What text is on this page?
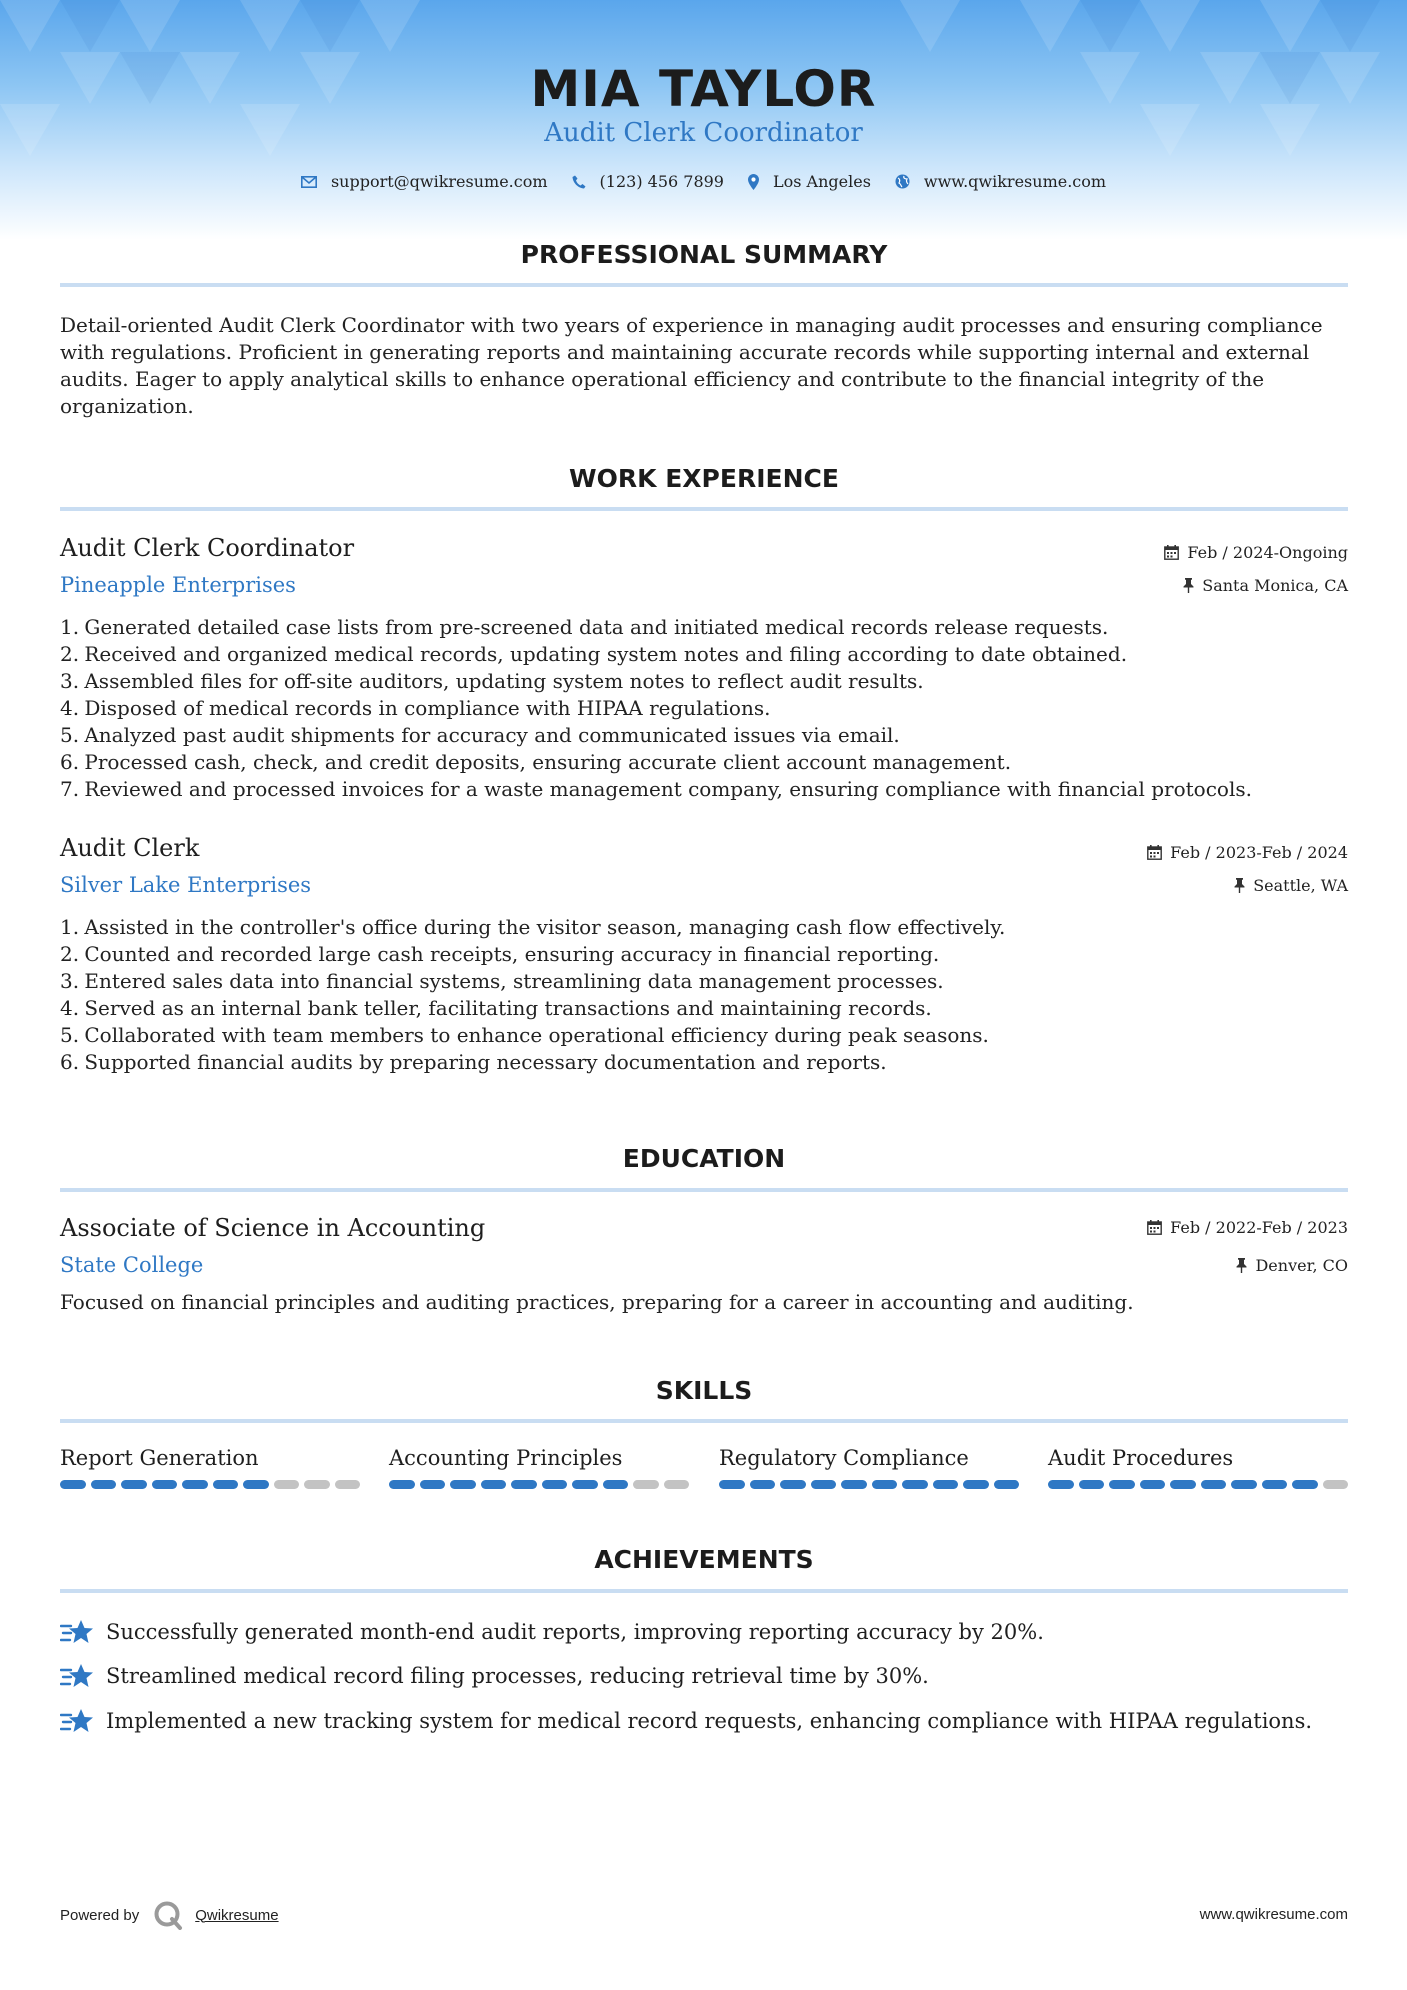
MIA TAYLOR
Audit Clerk Coordinator
support@qwikresume.com	(123) 456 7899	Los Angeles	www.qwikresume.com
PROFESSIONAL SUMMARY
Detail-oriented Audit Clerk Coordinator with two years of experience in managing audit processes and ensuring compliance
with regulations. Proficient in generating reports and maintaining accurate records while supporting internal and external
audits. Eager to apply analytical skills to enhance operational efficiency and contribute to the financial integrity of the
organization.
WORK EXPERIENCE
Audit Clerk Coordinator	Feb / 2024-Ongoing
Pineapple Enterprises	Santa Monica, CA
1. Generated detailed case lists from pre-screened data and initiated medical records release requests.
2. Received and organized medical records, updating system notes and filing according to date obtained.
3. Assembled files for off-site auditors, updating system notes to reflect audit results.
4. Disposed of medical records in compliance with HIPAA regulations.
5. Analyzed past audit shipments for accuracy and communicated issues via email.
6. Processed cash, check, and credit deposits, ensuring accurate client account management.
7. Reviewed and processed invoices for a waste management company, ensuring compliance with financial protocols.
Audit Clerk	Feb / 2023-Feb / 2024
Silver Lake Enterprises	Seattle, WA
1. Assisted in the controller's office during the visitor season, managing cash flow effectively.
2. Counted and recorded large cash receipts, ensuring accuracy in financial reporting.
3. Entered sales data into financial systems, streamlining data management processes.
4. Served as an internal bank teller, facilitating transactions and maintaining records.
5. Collaborated with team members to enhance operational efficiency during peak seasons.
6. Supported financial audits by preparing necessary documentation and reports.
EDUCATION
Associate of Science in Accounting	Feb / 2022-Feb / 2023
State College	Denver, CO
Focused on financial principles and auditing practices, preparing for a career in accounting and auditing.
SKILLS
Report Generation	Accounting Principles	Regulatory Compliance	Audit Procedures
ACHIEVEMENTS
Successfully generated month-end audit reports, improving reporting accuracy by 20%.
Streamlined medical record filing processes, reducing retrieval time by 30%.
Implemented a new tracking system for medical record requests, enhancing compliance with HIPAA regulations.
Powered by	Qwikresume	www.qwikresume.com
